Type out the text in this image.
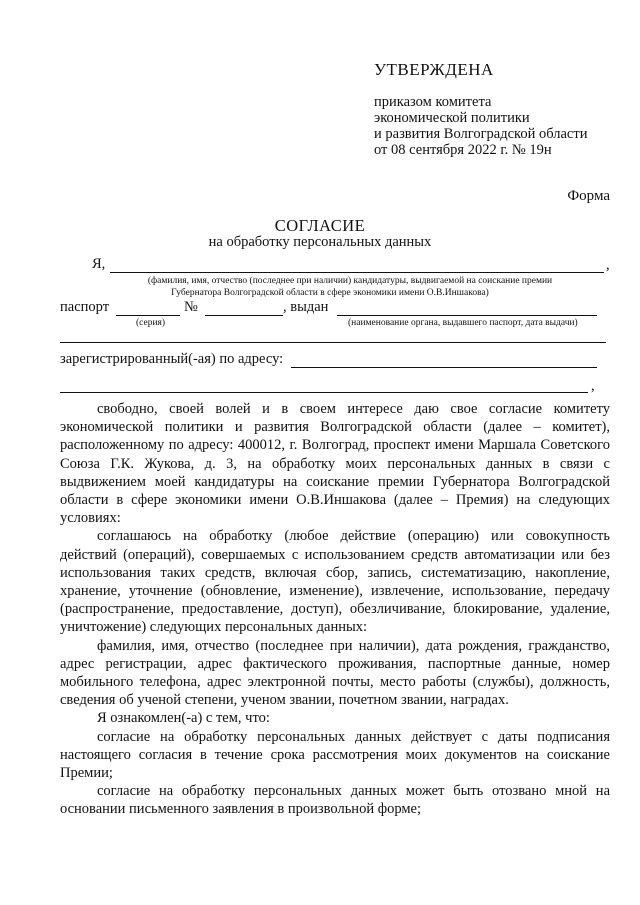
УТВЕРЖДЕНА
приказом комитета
экономической политики
и развития Волгоградской области
от 08 сентября 2022 г. № 19н
Форма
СОГЛАСИЕ
на обработку персональных данных
Я,	,
(фамилия, имя, отчество (последнее при наличии) кандидатуры, выдвигаемой на соискание премии
Губернатора Волгоградской области в сфере экономики имени О.В.Иншакова)
паспорт	№	, выдан
(серия)	(наименование органа, выдавшего паспорт, дата выдачи)
зарегистрированный(-ая) по адресу:
,

свободно, своей волей и в своем интересе даю свое согласие комитету экономической политики и развития Волгоградской области (далее – комитет), расположенному по адресу: 400012, г. Волгоград, проспект имени Маршала Советского Союза Г.К. Жукова, д. 3, на обработку моих персональных данных в связи с выдвижением моей кандидатуры на соискание премии Губернатора Волгоградской области в сфере экономики имени О.В.Иншакова (далее – Премия) на следующих условиях:

соглашаюсь на обработку (любое действие (операцию) или совокупность действий (операций), совершаемых с использованием средств автоматизации или без использования таких средств, включая сбор, запись, систематизацию, накопление, хранение, уточнение (обновление, изменение), извлечение, использование, передачу (распространение, предоставление, доступ), обезличивание, блокирование, удаление, уничтожение) следующих персональных данных:

фамилия, имя, отчество (последнее при наличии), дата рождения, гражданство, адрес регистрации, адрес фактического проживания, паспортные данные, номер мобильного телефона, адрес электронной почты, место работы (службы), должность, сведения об ученой степени, ученом звании, почетном звании, наградах.

Я ознакомлен(-а) с тем, что:

согласие на обработку персональных данных действует с даты подписания настоящего согласия в течение срока рассмотрения моих документов на соискание Премии;

согласие на обработку персональных данных может быть отозвано мной на основании письменного заявления в произвольной форме;
